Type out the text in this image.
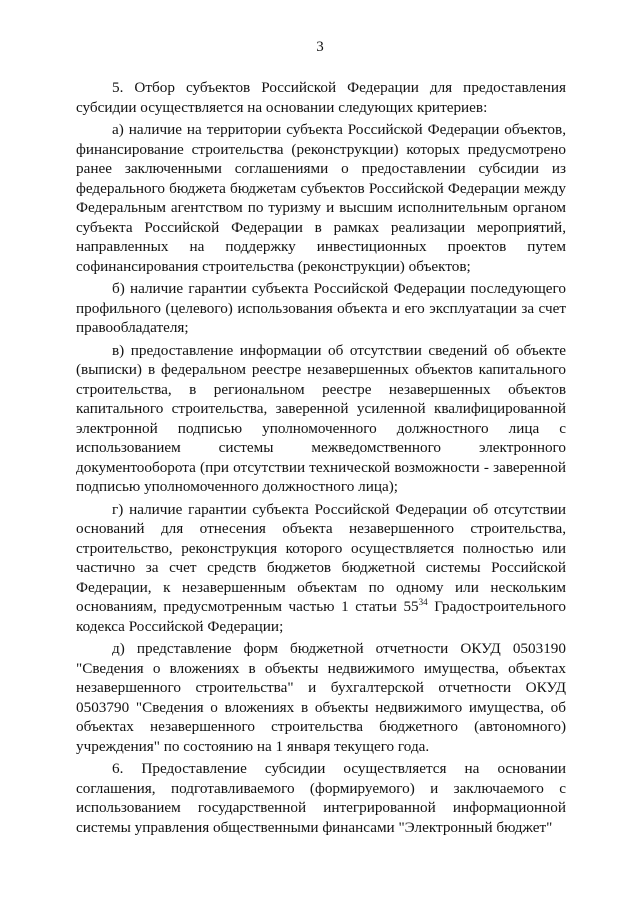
3

5. Отбор субъектов Российской Федерации для предоставления субсидии осуществляется на основании следующих критериев:

а) наличие на территории субъекта Российской Федерации объектов, финансирование строительства (реконструкции) которых предусмотрено ранее заключенными соглашениями о предоставлении субсидии из федерального бюджета бюджетам субъектов Российской Федерации между Федеральным агентством по туризму и высшим исполнительным органом субъекта Российской Федерации в рамках реализации мероприятий, направленных на поддержку инвестиционных проектов путем софинансирования строительства (реконструкции) объектов;

б) наличие гарантии субъекта Российской Федерации последующего профильного (целевого) использования объекта и его эксплуатации за счет правообладателя;

в) предоставление информации об отсутствии сведений об объекте (выписки) в федеральном реестре незавершенных объектов капитального строительства, в региональном реестре незавершенных объектов капитального строительства, заверенной усиленной квалифицированной электронной подписью уполномоченного должностного лица с использованием системы межведомственного электронного документооборота (при отсутствии технической возможности - заверенной подписью уполномоченного должностного лица);

г) наличие гарантии субъекта Российской Федерации об отсутствии оснований для отнесения объекта незавершенного строительства, строительство, реконструкция которого осуществляется полностью или частично за счет средств бюджетов бюджетной системы Российской Федерации, к незавершенным объектам по одному или нескольким основаниям, предусмотренным частью 1 статьи $55^{34}$ Градостроительного кодекса Российской Федерации;

д) представление форм бюджетной отчетности ОКУД 0503190 "Сведения о вложениях в объекты недвижимого имущества, объектах незавершенного строительства" и бухгалтерской отчетности ОКУД 0503790 "Сведения о вложениях в объекты недвижимого имущества, об объектах незавершенного строительства бюджетного (автономного) учреждения" по состоянию на 1 января текущего года.

6. Предоставление субсидии осуществляется на основании соглашения, подготавливаемого (формируемого) и заключаемого с использованием государственной интегрированной информационной системы управления общественными финансами "Электронный бюджет"
